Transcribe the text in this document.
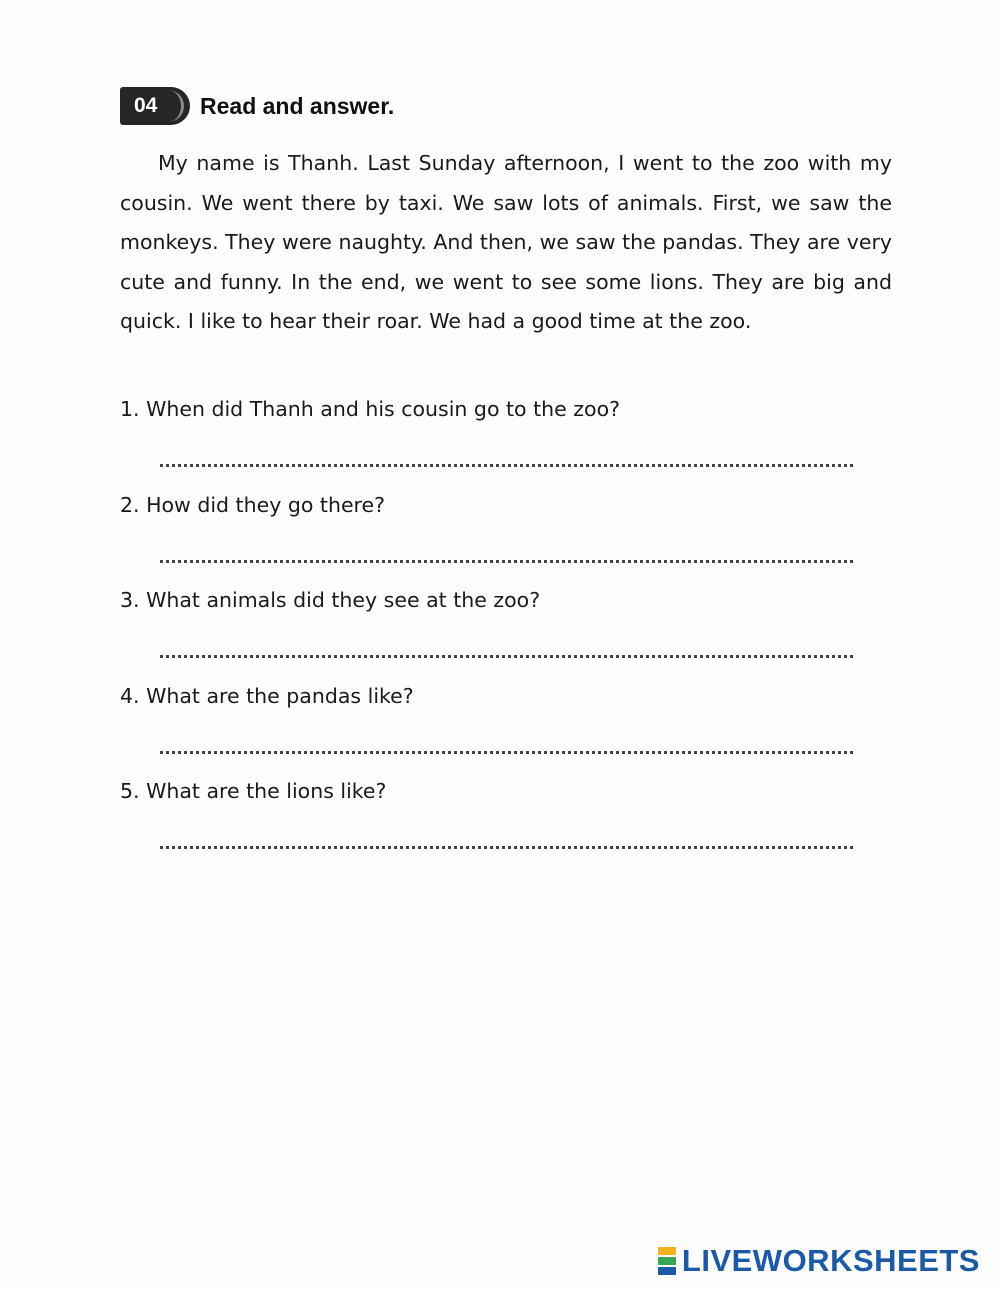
04 Read and answer.

My name is Thanh. Last Sunday afternoon, I went to the zoo with my cousin. We went there by taxi. We saw lots of animals. First, we saw the monkeys. They were naughty. And then, we saw the pandas. They are very cute and funny. In the end, we went to see some lions. They are big and quick. I like to hear their roar. We had a good time at the zoo.

1. When did Thanh and his cousin go to the zoo?
2. How did they go there?
3. What animals did they see at the zoo?
4. What are the pandas like?
5. What are the lions like?
LIVEWORKSHEETS
